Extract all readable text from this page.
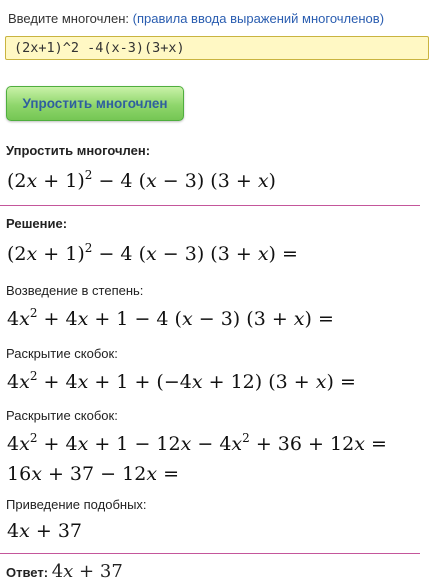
Введите многочлен: (правила ввода выражений многочленов)
(2x+1)^2 -4(x-3)(3+x)
Упростить многочлен
Упростить многочлен:
$(2x + 1)^2 - 4$ (x − 3) (3 + x)
Решение:
$(2x + 1)^2 - 4$ (x − 3) (3 + x) =
Возведение в степень:
$4x^2 + 4x + 1 - 4$ (x − 3) (3 + x) =
Раскрытие скобок:
$4x^2 + 4x + 1 + (-4x + 12) (3 + x)$ =
Раскрытие скобок:
$4x^2 + 4x + 1 - 12x - 4x^2 + 36 + 12x$ =
16x + 37 − 12x =
Приведение подобных:
4x + 37
Ответ: 4x + 37
